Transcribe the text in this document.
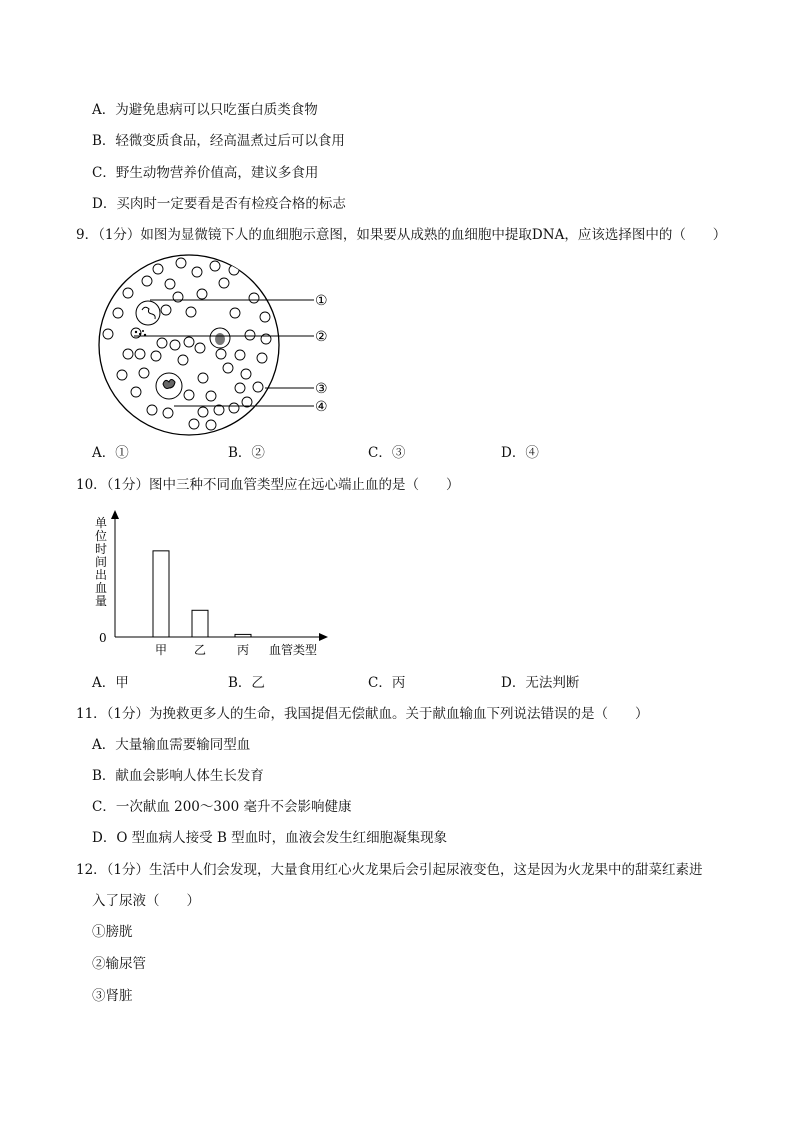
A．为避免患病可以只吃蛋白质类食物
B．轻微变质食品，经高温煮过后可以食用
C．野生动物营养价值高，建议多食用
D．买肉时一定要看是否有检疫合格的标志
9．（1分）如图为显微镜下人的血细胞示意图，如果要从成熟的血细胞中提取DNA，应该选择图中的（　　）
①
②
③
④
A．①	B．②	C．③	D．④
10．（1分）图中三种不同血管类型应在远心端止血的是（　　）
单位时间出血量
0
血管类型
甲 乙	丙
A．甲	B．乙	C．丙	D．无法判断
11．（1分）为挽救更多人的生命，我国提倡无偿献血。关于献血输血下列说法错误的是（　　）
A．大量输血需要输同型血
B．献血会影响人体生长发育
C．一次献血 200～300 毫升不会影响健康
D．O 型血病人接受 B 型血时，血液会发生红细胞凝集现象
12．（1分）生活中人们会发现，大量食用红心火龙果后会引起尿液变色，这是因为火龙果中的甜菜红素进
入了尿液（　　）
①膀胱
②输尿管
③肾脏
